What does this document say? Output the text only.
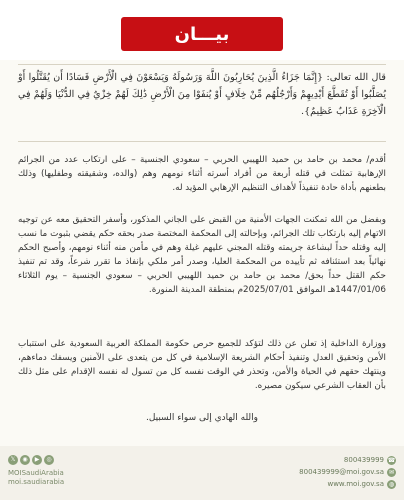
بيـــان
قال الله تعالى: {إِنَّمَا جَزَاءُ الَّذِينَ يُحَارِبُونَ اللَّهَ وَرَسُولَهُ وَيَسْعَوْنَ فِي الْأَرْضِ فَسَادًا أَن يُقَتَّلُوا أَوْ يُصَلَّبُوا أَوْ تُقَطَّعَ أَيْدِيهِمْ وَأَرْجُلُهُم مِّنْ خِلَافٍ أَوْ يُنفَوْا مِنَ الْأَرْضِ ذَٰلِكَ لَهُمْ خِزْيٌ فِي الدُّنْيَا وَلَهُمْ فِي الْآخِرَةِ عَذَابٌ عَظِيمٌ}.
أقدم/ محمد بن حامد بن حميد اللهيبي الحربي – سعودي الجنسية – على ارتكاب عدد من الجرائم الإرهابية تمثلت في قتله أربعة من أفراد أسرته أثناء نومهم وهم (والده، وشقيقته وطفليها) وذلك بطعنهم بأداة حادة تنفيذاً لأهداف التنظيم الإرهابي المؤيد له.
وبفضل من الله تمكنت الجهات الأمنية من القبض على الجاني المذكور، وأسفر التحقيق معه عن توجيه الاتهام إليه بارتكاب تلك الجرائم، وبإحالته إلى المحكمة المختصة صدر بحقه حكم يقضي بثبوت ما نسب إليه وقتله حداً لبشاعة جريمته وقتله المجني عليهم غيلة وهم في مأمن منه أثناء نومهم، وأصبح الحكم نهائياً بعد استئنافه ثم تأييده من المحكمة العليا، وصدر أمر ملكي بإنفاذ ما تقرر شرعاً، وقد تم تنفيذ حكم القتل حداً بحق/ محمد بن حامد بن حميد اللهيبي الحربي – سعودي الجنسية – يوم الثلاثاء 1447/01/06هـ الموافق 2025/07/01م بمنطقة المدينة المنورة.
ووزارة الداخلية إذ تعلن عن ذلك لتؤكد للجميع حرص حكومة المملكة العربية السعودية على استتباب الأمن وتحقيق العدل وتنفيذ أحكام الشريعة الإسلامية في كل من يتعدى على الآمنين ويسفك دماءهم، وينتهك حقهم في الحياة والأمن، وتحذر في الوقت نفسه كل من تسول له نفسه الإقدام على مثل ذلك بأن العقاب الشرعي سيكون مصيره.
والله الهادي إلى سواء السبيل.
𝕏	◉	▶	◎
MOISaudiArabia
moi.saudiarabia
800439999 ☎
800439999@moi.gov.sa ✉
www.moi.gov.sa ◍
